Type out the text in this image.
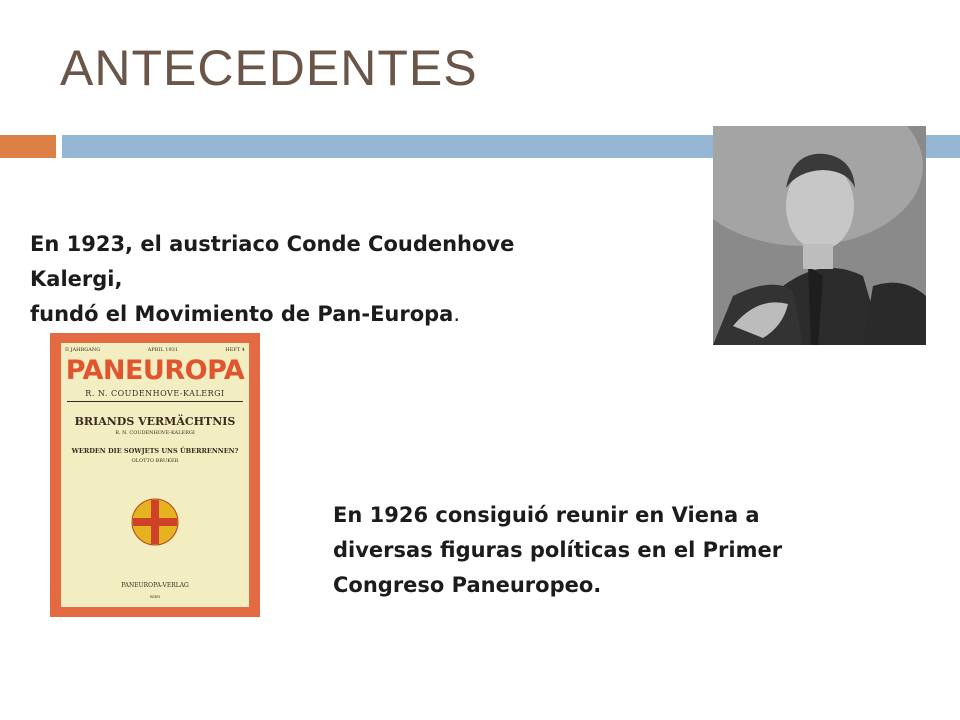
ANTECEDENTES
En 1923, el austriaco Conde Coudenhove
Kalergi,
fundó el Movimiento de Pan-Europa.
II JAHRGANG	APRIL 1931	HEFT 4
PANEUROPA
R. N. COUDENHOVE-KALERGI
BRIANDS VERMÄCHTNIS
R. N. COUDENHOVE-KALERGI
WERDEN DIE SOWJETS UNS ÜBERRENNEN?
OLOTTO BRUKER
PANEUROPA-VERLAG
WIEN
En 1926 consiguió reunir en Viena a
diversas figuras políticas en el Primer
Congreso Paneuropeo.
